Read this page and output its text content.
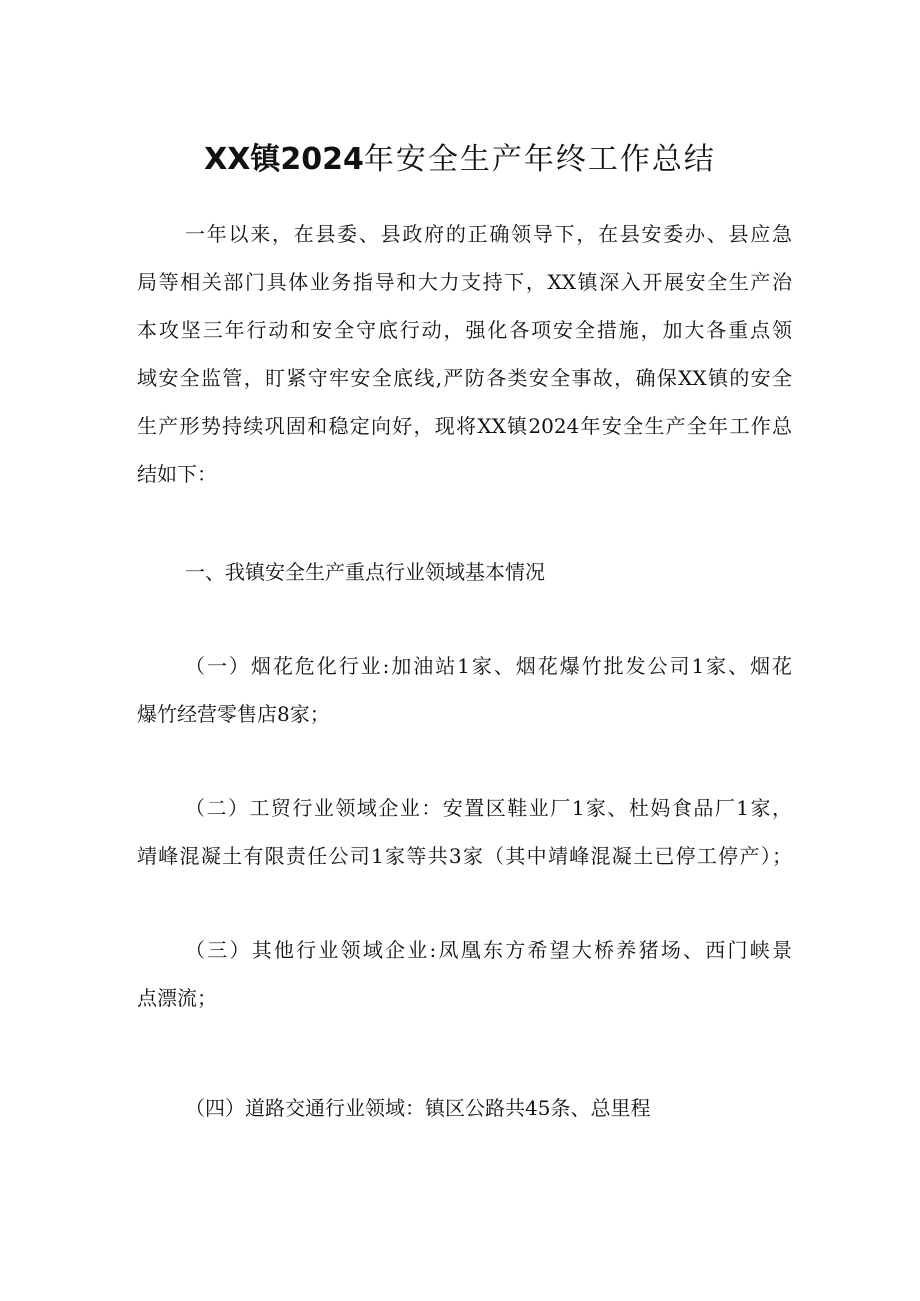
XX镇2024年安全生产年终工作总结
一年以来，在县委、县政府的正确领导下，在县安委办、县应急
局等相关部门具体业务指导和大力支持下，XX镇深入开展安全生产治
本攻坚三年行动和安全守底行动，强化各项安全措施，加大各重点领
域安全监管，盯紧守牢安全底线,严防各类安全事故，确保XX镇的安全
生产形势持续巩固和稳定向好，现将XX镇2024年安全生产全年工作总
结如下：
一、我镇安全生产重点行业领域基本情况
（一）烟花危化行业:加油站1家、烟花爆竹批发公司1家、烟花
爆竹经营零售店8家；
（二）工贸行业领域企业：安置区鞋业厂1家、杜妈食品厂1家，
靖峰混凝土有限责任公司1家等共3家（其中靖峰混凝土已停工停产）；
（三）其他行业领域企业:凤凰东方希望大桥养猪场、西门峡景
点漂流；
（四）道路交通行业领域：镇区公路共45条、总里程
